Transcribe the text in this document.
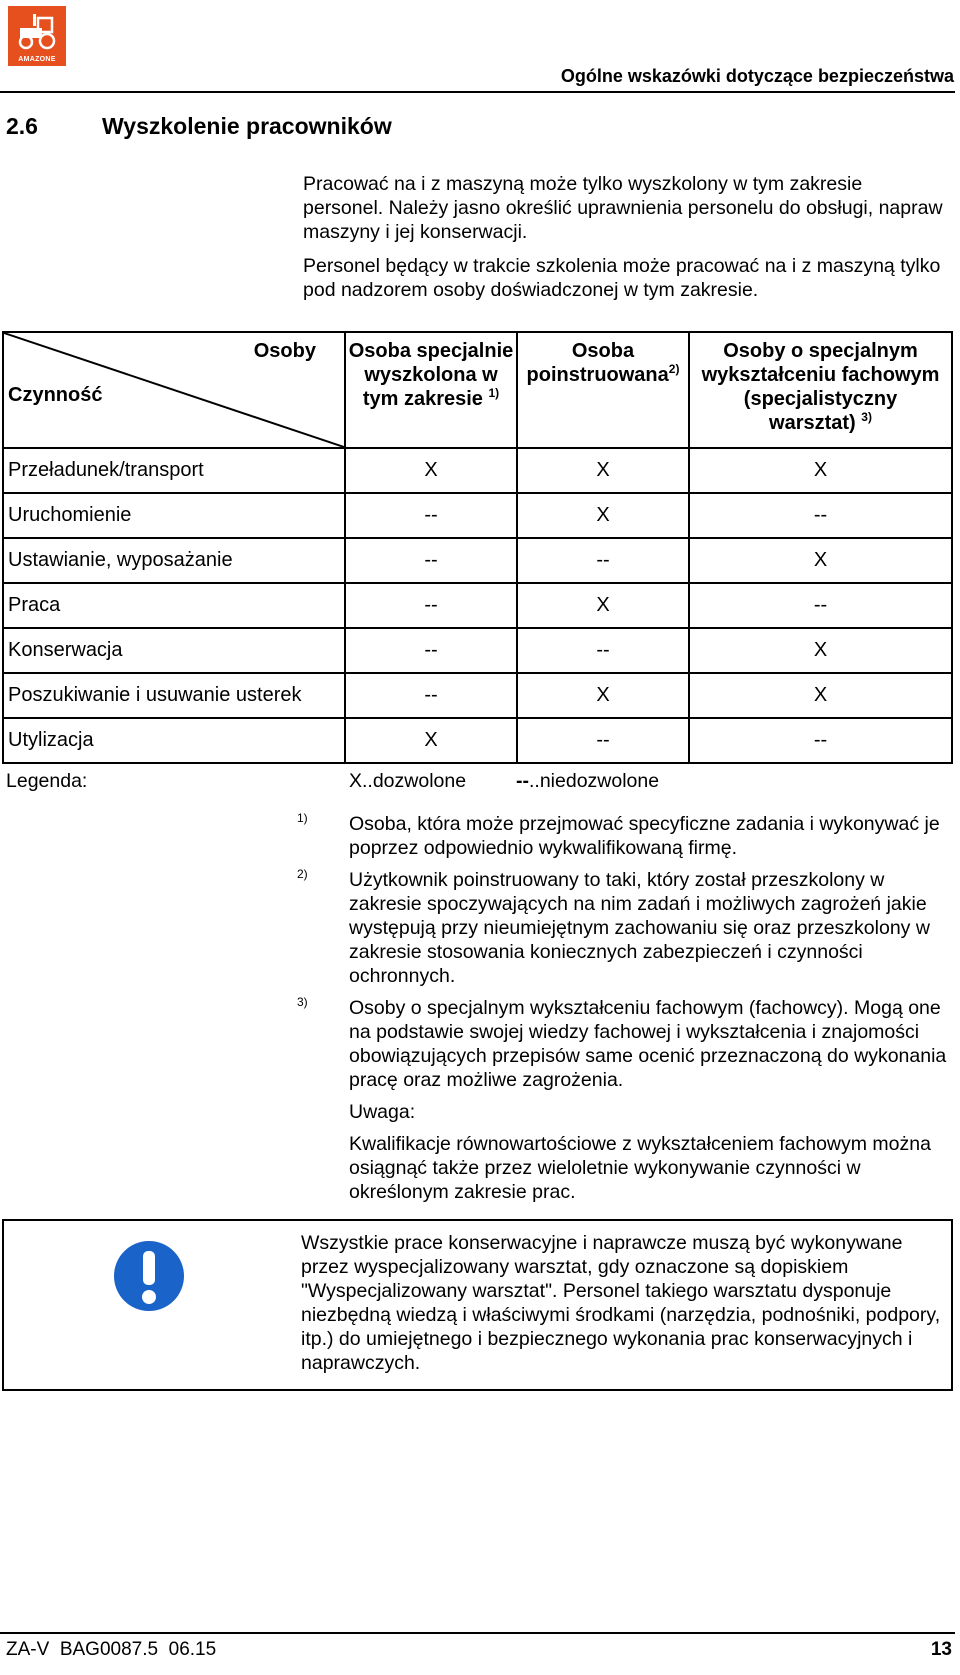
AMAZONE
Ogólne wskazówki dotyczące bezpieczeństwa
2.6	Wyszkolenie pracowników

Pracować na i z maszyną może tylko wyszkolony w tym zakresie personel. Należy jasno określić uprawnienia personelu do obsługi, napraw maszyny i jej konserwacji.

Personel będący w trakcie szkolenia może pracować na i z maszyną tylko pod nadzorem osoby doświadczonej w tym zakresie.

Osoby
Czynność	Osoba specjalnie wyszkolona w tym zakresie $^{1)}$	Osoba poinstruowana$^{2)}$	Osoby o specjalnym wykształceniu fachowym (specjalistyczny warsztat) $^{3)}$
Przeładunek/transport	X	X	X
Uruchomienie	--	X	--
Ustawianie, wyposażanie	--	--	X
Praca	--	X	--
Konserwacja	--	--	X
Poszukiwanie i usuwanie usterek	--	X	X
Utylizacja	X	--	--
Legenda:	X..dozwolone	--..niedozwolone
1) Osoba, która może przejmować specyficzne zadania i wykonywać je poprzez odpowiednio wykwalifikowaną firmę.
2) Użytkownik poinstruowany to taki, który został przeszkolony w zakresie spoczywających na nim zadań i możliwych zagrożeń jakie występują przy nieumiejętnym zachowaniu się oraz przeszkolony w zakresie stosowania koniecznych zabezpieczeń i czynności ochronnych.
3) Osoby o specjalnym wykształceniu fachowym (fachowcy). Mogą one na podstawie swojej wiedzy fachowej i wykształcenia i znajomości obowiązujących przepisów same ocenić przeznaczoną do wykonania pracę oraz możliwe zagrożenia.
Uwaga:
Kwalifikacje równowartościowe z wykształceniem fachowym można osiągnąć także przez wieloletnie wykonywanie czynności w określonym zakresie prac.
Wszystkie prace konserwacyjne i naprawcze muszą być wykonywane przez wyspecjalizowany warsztat, gdy oznaczone są dopiskiem "Wyspecjalizowany warsztat". Personel takiego warsztatu dysponuje niezbędną wiedzą i właściwymi środkami (narzędzia, podnośniki, podpory, itp.) do umiejętnego i bezpiecznego wykonania prac konserwacyjnych i naprawczych.
ZA-V  BAG0087.5  06.15	13
